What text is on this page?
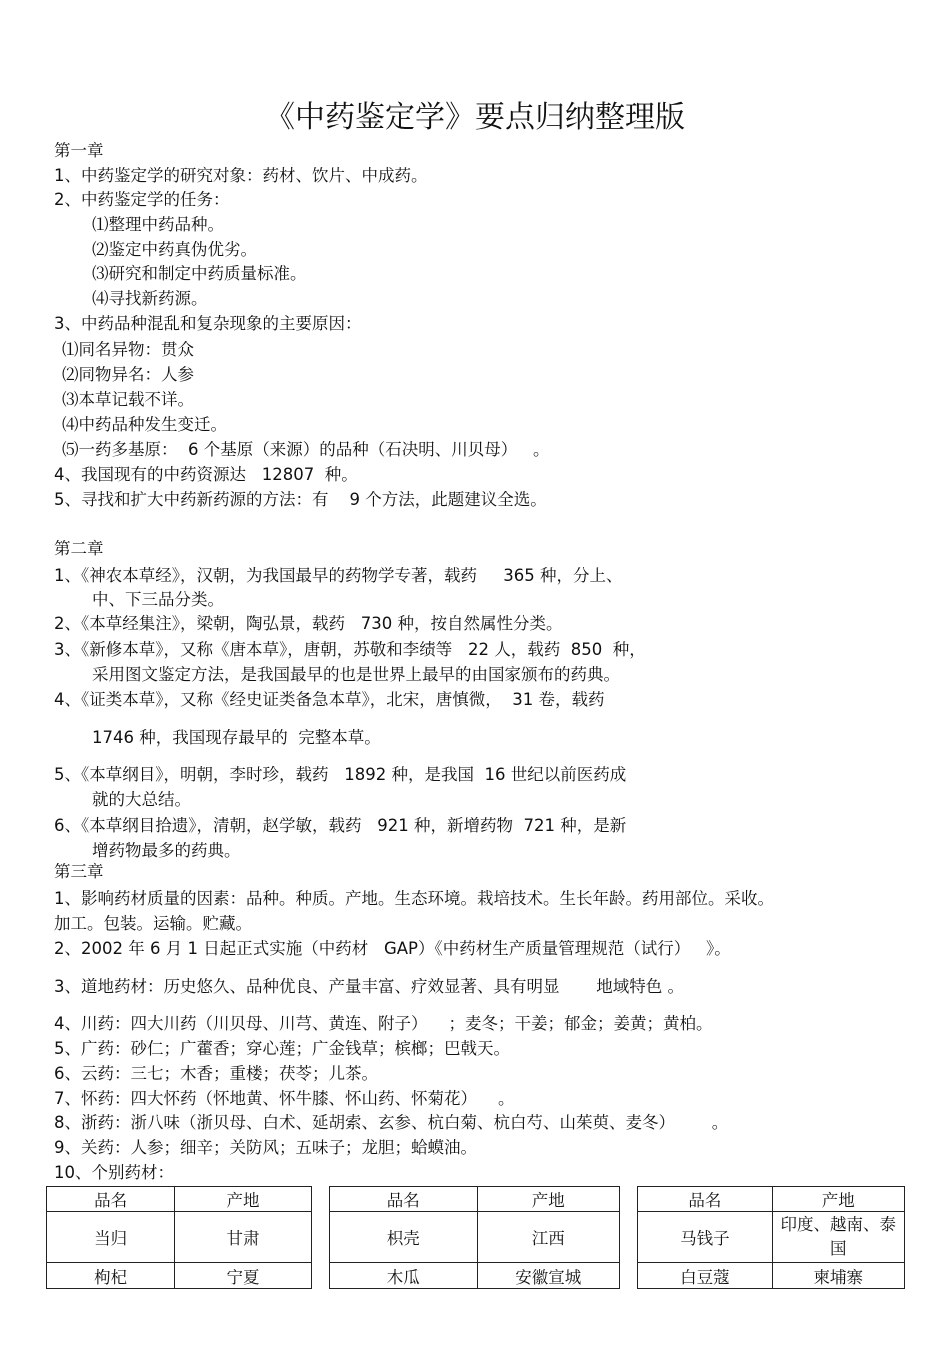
《中药鉴定学》要点归纳整理版
第一章
1、中药鉴定学的研究对象：药材、饮片、中成药。
2、中药鉴定学的任务：
⑴整理中药品种。
⑵鉴定中药真伪优劣。
⑶研究和制定中药质量标准。
⑷寻找新药源。
3、中药品种混乱和复杂现象的主要原因：
⑴同名异物：贯众
⑵同物异名：人参
⑶本草记载不详。
⑷中药品种发生变迁。
⑸一药多基原：  6 个基原（来源）的品种（石决明、川贝母）   。
4、我国现有的中药资源达   12807  种。
5、寻找和扩大中药新药源的方法：有    9 个方法，此题建议全选。
第二章
1、《神农本草经》，汉朝，为我国最早的药物学专著，载药     365 种，分上、
中、下三品分类。
2、《本草经集注》，梁朝，陶弘景，载药   730 种，按自然属性分类。
3、《新修本草》，又称《唐本草》，唐朝，苏敬和李绩等   22 人，载药  850  种，
采用图文鉴定方法，是我国最早的也是世界上最早的由国家颁布的药典。
4、《证类本草》，又称《经史证类备急本草》，北宋，唐慎微，  31 卷，载药
1746 种，我国现存最早的  完整本草。
5、《本草纲目》，明朝，李时珍，载药   1892 种，是我国  16 世纪以前医药成
就的大总结。
6、《本草纲目拾遗》，清朝，赵学敏，载药   921 种，新增药物  721 种，是新
增药物最多的药典。
第三章
1、影响药材质量的因素：品种。种质。产地。生态环境。栽培技术。生长年龄。药用部位。采收。
加工。包装。运输。贮藏。
2、2002 年 6 月 1 日起正式实施（中药材   GAP）《中药材生产质量管理规范（试行）   》。
3、道地药材：历史悠久、品种优良、产量丰富、疗效显著、具有明显       地域特色 。
4、川药：四大川药（川贝母、川芎、黄连、附子）    ；麦冬；干姜；郁金；姜黄；黄柏。
5、广药：砂仁；广藿香；穿心莲；广金钱草；槟榔；巴戟天。
6、云药：三七；木香；重楼；茯苓；儿茶。
7、怀药：四大怀药（怀地黄、怀牛膝、怀山药、怀菊花）    。
8、浙药：浙八味（浙贝母、白术、延胡索、玄参、杭白菊、杭白芍、山茱萸、麦冬）       。
9、关药：人参；细辛；关防风；五味子；龙胆；蛤蟆油。
10、个别药材：
品名	产地		品名	产地		品名	产地
当归	甘肃		枳壳	江西		马钱子	印度、越南、泰国
枸杞	宁夏		木瓜	安徽宣城		白豆蔻	柬埔寨
